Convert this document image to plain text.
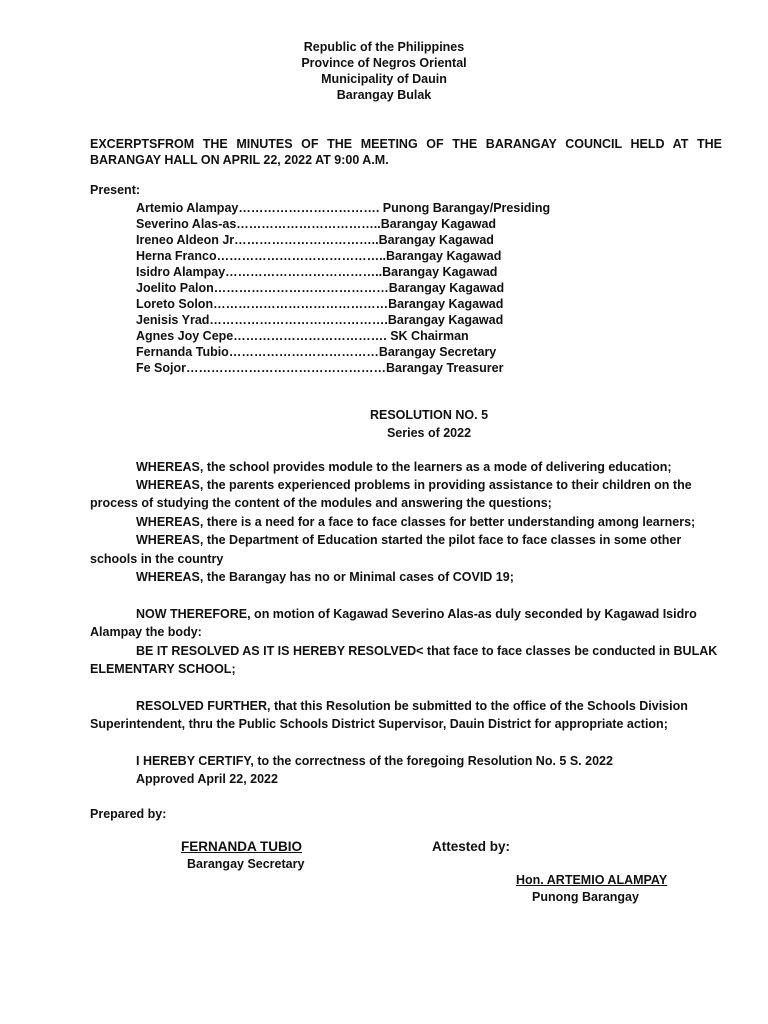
Republic of the Philippines
Province of Negros Oriental
Municipality of Dauin
Barangay Bulak
EXCERPTSFROM THE MINUTES OF THE MEETING OF THE BARANGAY COUNCIL HELD AT THE
BARANGAY HALL ON APRIL 22, 2022 AT 9:00 A.M.
Present:
Artemio Alampay……………………………. Punong Barangay/Presiding
Severino Alas-as……………………………..Barangay Kagawad
Ireneo Aldeon Jr……………………………..Barangay Kagawad
Herna Franco…………………………………..Barangay Kagawad
Isidro Alampay………………………………..Barangay Kagawad
Joelito Palon……………………………………Barangay Kagawad
Loreto Solon……………………………………Barangay Kagawad
Jenisis Yrad…………………………………….Barangay Kagawad
Agnes Joy Cepe………………………………. SK Chairman
Fernanda Tubio………………………………Barangay Secretary
Fe Sojor…………………………………………Barangay Treasurer
RESOLUTION NO. 5
Series of 2022
WHEREAS, the school provides module to the learners as a mode of delivering education;
WHEREAS, the parents experienced problems in providing assistance to their children on the
process of studying the content of the modules and answering the questions;
WHEREAS, there is a need for a face to face classes for better understanding among learners;
WHEREAS, the Department of Education started the pilot face to face classes in some other
schools in the country
WHEREAS, the Barangay has no or Minimal cases of COVID 19;
NOW THEREFORE, on motion of Kagawad Severino Alas-as duly seconded by Kagawad Isidro
Alampay the body:
BE IT RESOLVED AS IT IS HEREBY RESOLVED< that face to face classes be conducted in BULAK
ELEMENTARY SCHOOL;
RESOLVED FURTHER, that this Resolution be submitted to the office of the Schools Division
Superintendent, thru the Public Schools District Supervisor, Dauin District for appropriate action;
I HEREBY CERTIFY, to the correctness of the foregoing Resolution No. 5 S. 2022
Approved April 22, 2022
Prepared by:
FERNANDA TUBIO
Barangay Secretary
Attested by:
Hon. ARTEMIO ALAMPAY
Punong Barangay
